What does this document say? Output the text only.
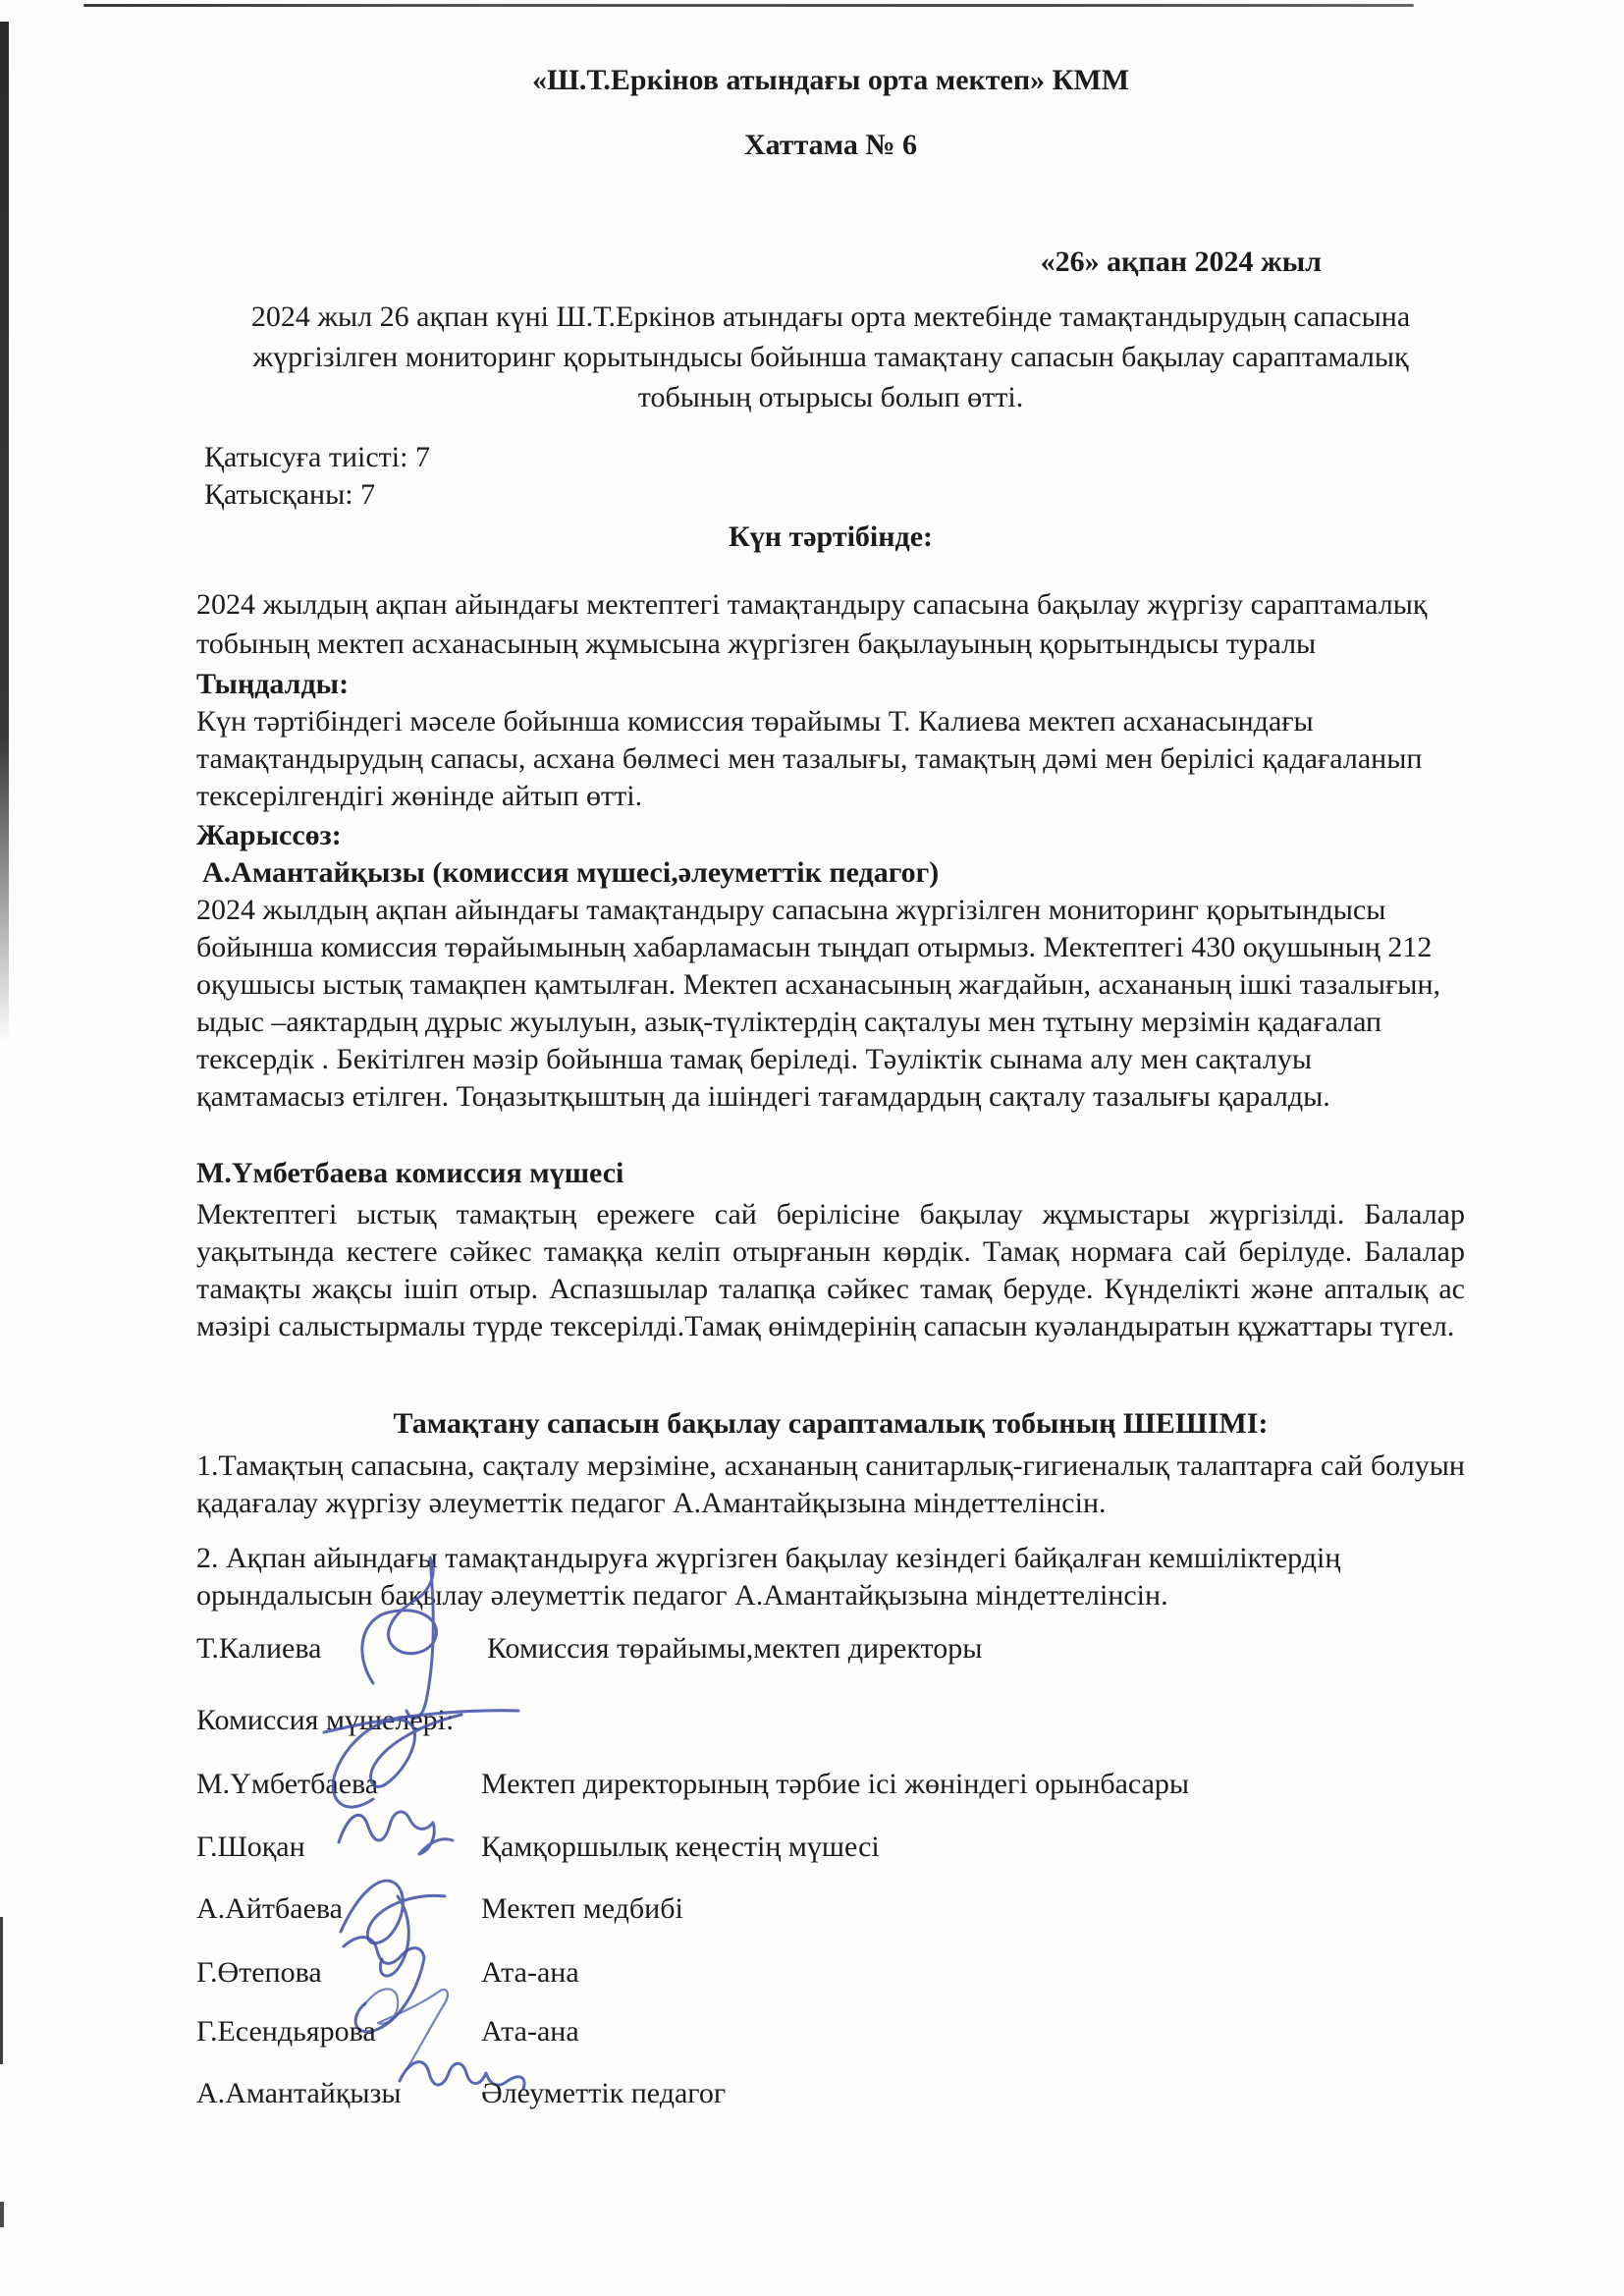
«Ш.Т.Еркінов атындағы орта мектеп» КММ
Хаттама № 6
«26» ақпан 2024 жыл
2024 жыл 26 ақпан күні Ш.Т.Еркінов атындағы орта мектебінде тамақтандырудың сапасына жүргізілген мониторинг қорытындысы бойынша тамақтану сапасын бақылау сараптамалық тобының отырысы болып өтті.
Қатысуға тиісті: 7
Қатысқаны: 7
Күн тәртібінде:
2024 жылдың ақпан айындағы мектептегі тамақтандыру сапасына бақылау жүргізу сараптамалық тобының мектеп асханасының жұмысына жүргізген бақылауының қорытындысы туралы
Тыңдалды:
Күн тәртібіндегі мәселе бойынша комиссия төрайымы Т. Калиева мектеп асханасындағы тамақтандырудың сапасы, асхана бөлмесі мен тазалығы, тамақтың дәмі мен берілісі қадағаланып тексерілгендігі жөнінде айтып өтті.
Жарыссөз:
А.Амантайқызы (комиссия мүшесі,әлеуметтік педагог)
2024 жылдың ақпан айындағы тамақтандыру сапасына жүргізілген мониторинг қорытындысы бойынша комиссия төрайымының хабарламасын тыңдап отырмыз. Мектептегі 430 оқушының 212 оқушысы ыстық тамақпен қамтылған. Мектеп асханасының жағдайын, асхананың ішкі тазалығын, ыдыс –аяктардың дұрыс жуылуын, азық-түліктердің сақталуы мен тұтыну мерзімін қадағалап тексердік . Бекітілген мәзір бойынша тамақ беріледі. Тәуліктік сынама алу мен сақталуы қамтамасыз етілген. Тоңазытқыштың да ішіндегі тағамдардың сақталу тазалығы қаралды.
М.Үмбетбаева комиссия мүшесі
Мектептегі ыстық тамақтың ережеге сай берілісіне бақылау жұмыстары жүргізілді. Балалар уақытында кестеге сәйкес тамаққа келіп отырғанын көрдік. Тамақ нормаға сай берілуде. Балалар тамақты жақсы ішіп отыр. Аспазшылар талапқа сәйкес тамақ беруде. Күнделікті және апталық ас мәзірі салыстырмалы түрде тексерілді.Тамақ өнімдерінің сапасын куәландыратын құжаттары түгел.
Тамақтану сапасын бақылау сараптамалық тобының ШЕШІМІ:
1.Тамақтың сапасына, сақталу мерзіміне, асхананың санитарлық-гигиеналық талаптарға сай болуын қадағалау жүргізу әлеуметтік педагог А.Амантайқызына міндеттелінсін.
2. Ақпан айындағы тамақтандыруға жүргізген бақылау кезіндегі байқалған кемшіліктердің орындалысын бақылау әлеуметтік педагог А.Амантайқызына міндеттелінсін.
Т.Калиева	Комиссия төрайымы,мектеп директоры
Комиссия мүшелері:
М.Үмбетбаева	Мектеп директорының тәрбие ісі жөніндегі орынбасары
Г.Шоқан	Қамқоршылық кеңестің мүшесі
А.Айтбаева	Мектеп медбибі
Г.Өтепова	Ата-ана
Г.Есендьярова	Ата-ана
А.Амантайқызы	Әлеуметтік педагог
